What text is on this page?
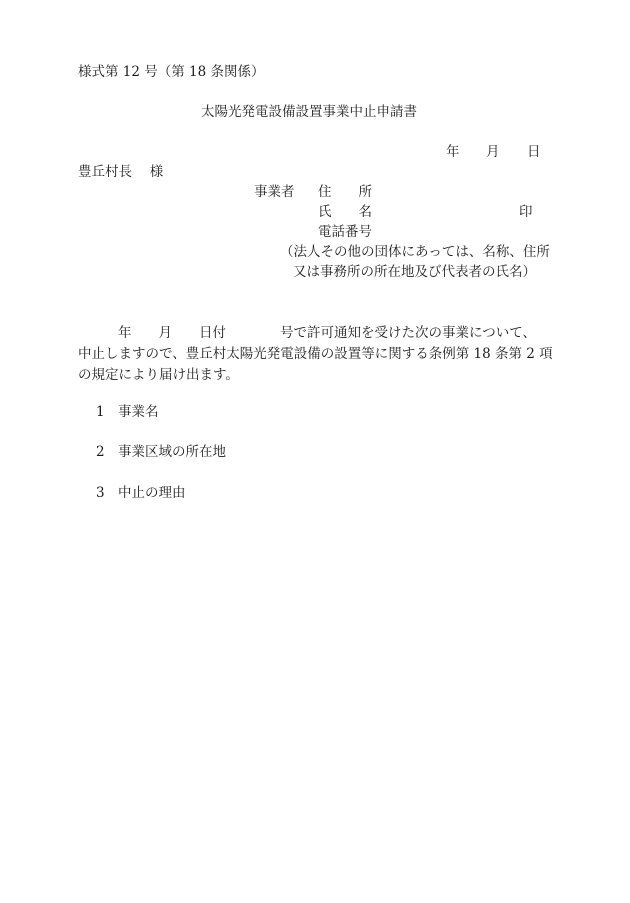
様式第 12 号（第 18 条関係）
太陽光発電設備設置事業中止申請書
年 月 日
豊丘村長　 様
事業者 住　　所
氏　　名	印
電話番号
（法人その他の団体にあっては、名称、住所
又は事務所の所在地及び代表者の氏名）
年　　月　　日付　　　　号で許可通知を受けた次の事業について、
中止しますので、豊丘村太陽光発電設備の設置等に関する条例第 18 条第 2 項
の規定により届け出ます。
1 事業名
2 事業区域の所在地
3 中止の理由
